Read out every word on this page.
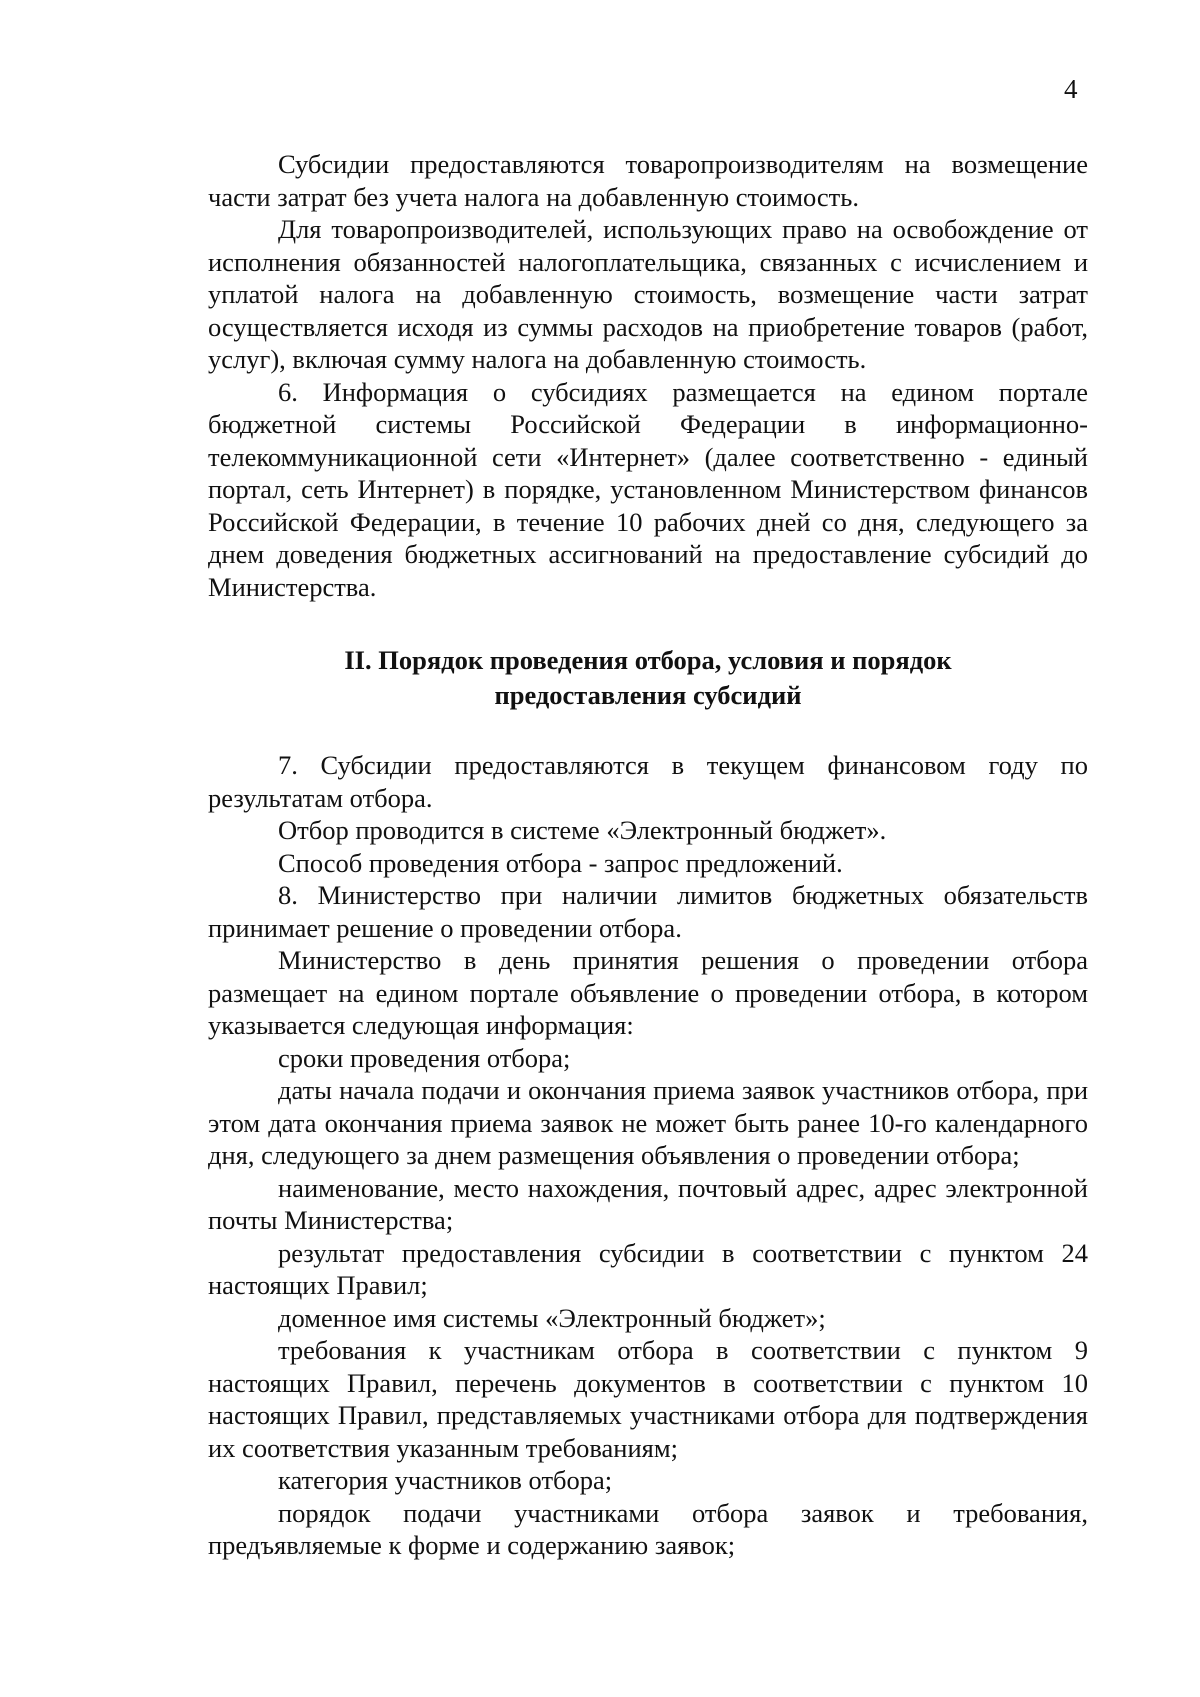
4

Субсидии предоставляются товаропроизводителям на возмещение части затрат без учета налога на добавленную стоимость.

Для товаропроизводителей, использующих право на освобождение от исполнения обязанностей налогоплательщика, связанных с исчислением и уплатой налога на добавленную стоимость, возмещение части затрат осуществляется исходя из суммы расходов на приобретение товаров (работ, услуг), включая сумму налога на добавленную стоимость.

6. Информация о субсидиях размещается на едином портале бюджетной системы Российской Федерации в информационно-телекоммуникационной сети «Интернет» (далее соответственно - единый портал, сеть Интернет) в порядке, установленном Министерством финансов Российской Федерации, в течение 10 рабочих дней со дня, следующего за днем доведения бюджетных ассигнований на предоставление субсидий до Министерства.

II. Порядок проведения отбора, условия и порядок
предоставления субсидий

7. Субсидии предоставляются в текущем финансовом году по результатам отбора.

Отбор проводится в системе «Электронный бюджет».

Способ проведения отбора - запрос предложений.

8. Министерство при наличии лимитов бюджетных обязательств принимает решение о проведении отбора.

Министерство в день принятия решения о проведении отбора размещает на едином портале объявление о проведении отбора, в котором указывается следующая информация:

сроки проведения отбора;

даты начала подачи и окончания приема заявок участников отбора, при этом дата окончания приема заявок не может быть ранее 10-го календарного дня, следующего за днем размещения объявления о проведении отбора;

наименование, место нахождения, почтовый адрес, адрес электронной почты Министерства;

результат предоставления субсидии в соответствии с пунктом 24 настоящих Правил;

доменное имя системы «Электронный бюджет»;

требования к участникам отбора в соответствии с пунктом 9 настоящих Правил, перечень документов в соответствии с пунктом 10 настоящих Правил, представляемых участниками отбора для подтверждения их соответствия указанным требованиям;

категория участников отбора;

порядок подачи участниками отбора заявок и требования, предъявляемые к форме и содержанию заявок;
